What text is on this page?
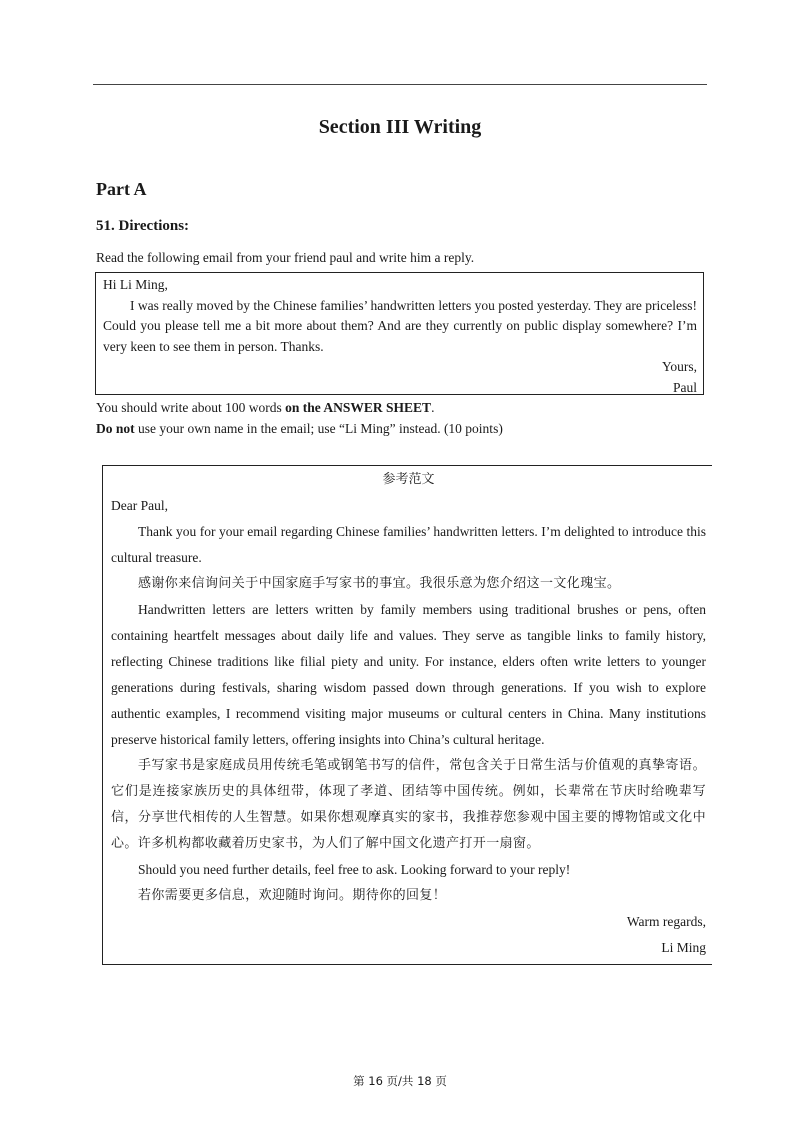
Section III Writing
Part A
51. Directions:
Read the following email from your friend paul and write him a reply.

Hi Li Ming,

I was really moved by the Chinese families’ handwritten letters you posted yesterday. They are priceless! Could you please tell me a bit more about them? And are they currently on public display somewhere? I’m very keen to see them in person. Thanks.

Yours,

Paul

You should write about 100 words on the ANSWER SHEET.
Do not use your own name in the email; use “Li Ming” instead. (10 points)

参考范文

Dear Paul,

Thank you for your email regarding Chinese families’ handwritten letters. I’m delighted to introduce this cultural treasure.

感谢你来信询问关于中国家庭手写家书的事宜。我很乐意为您介绍这一文化瑰宝。

Handwritten letters are letters written by family members using traditional brushes or pens, often containing heartfelt messages about daily life and values. They serve as tangible links to family history, reflecting Chinese traditions like filial piety and unity. For instance, elders often write letters to younger generations during festivals, sharing wisdom passed down through generations. If you wish to explore authentic examples, I recommend visiting major museums or cultural centers in China. Many institutions preserve historical family letters, offering insights into China’s cultural heritage.

手写家书是家庭成员用传统毛笔或钢笔书写的信件，常包含关于日常生活与价值观的真挚寄语。它们是连接家族历史的具体纽带，体现了孝道、团结等中国传统。例如，长辈常在节庆时给晚辈写信，分享世代相传的人生智慧。如果你想观摩真实的家书，我推荐您参观中国主要的博物馆或文化中心。许多机构都收藏着历史家书，为人们了解中国文化遗产打开一扇窗。

Should you need further details, feel free to ask. Looking forward to your reply!

若你需要更多信息，欢迎随时询问。期待你的回复！

Warm regards,

Li Ming

第 16 页/共 18 页
